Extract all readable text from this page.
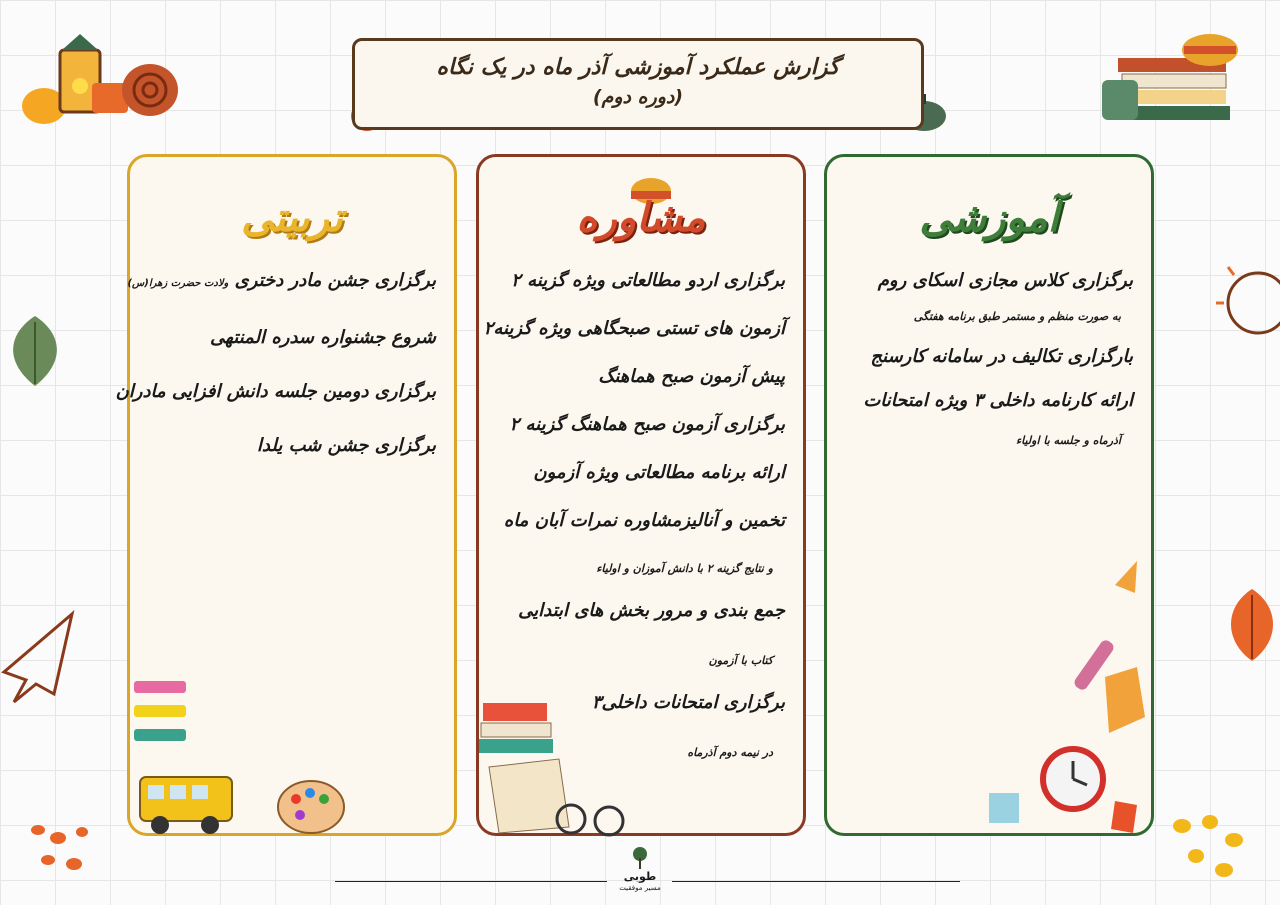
گزارش عملکرد آموزشی آذر ماه در یک نگاه
(دوره دوم)
تربیتی
برگزاری جشن مادر دختری ولادت حضرت زهرا(س)
شروع جشنواره سدره المنتهی
برگزاری دومین جلسه دانش افزایی مادران
برگزاری جشن شب یلدا
مشاوره
برگزاری اردو مطالعاتی ویژه گزینه ۲
آزمون های تستی صبحگاهی ویژه گزینه۲
پیش آزمون صبح هماهنگ
برگزاری آزمون صبح هماهنگ گزینه ۲
ارائه برنامه مطالعاتی ویژه آزمون
تخمین و آنالیزمشاوره نمرات آبان ماه
و نتایج گزینه ۲ با دانش آموزان و اولیاء
جمع بندی و مرور بخش های ابتدایی
کتاب با آزمون
برگزاری امتحانات داخلی۳
در نیمه دوم آذرماه
آموزشی
برگزاری کلاس مجازی اسکای روم
به صورت منظم و مستمر طبق برنامه هفتگی
بارگزاری تکالیف در سامانه کارسنج
ارائه کارنامه داخلی ۳ ویژه امتحانات
آذرماه و جلسه با اولیاء
طوبی
مسیر موفقیت
